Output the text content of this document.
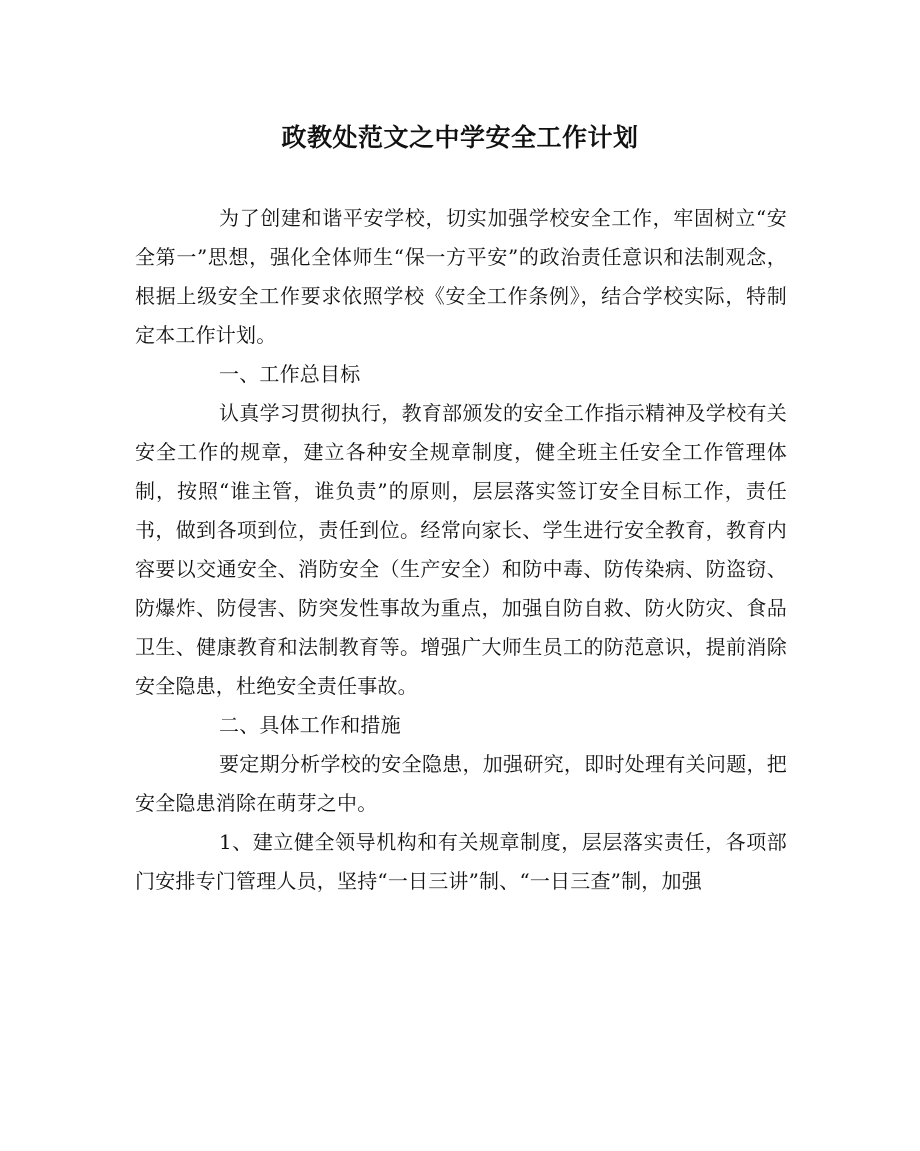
政教处范文之中学安全工作计划

为了创建和谐平安学校，切实加强学校安全工作，牢固树立“安全第一”思想，强化全体师生“保一方平安”的政治责任意识和法制观念，根据上级安全工作要求依照学校《安全工作条例》，结合学校实际，特制定本工作计划。

一、工作总目标

认真学习贯彻执行，教育部颁发的安全工作指示精神及学校有关安全工作的规章，建立各种安全规章制度，健全班主任安全工作管理体制，按照“谁主管，谁负责”的原则，层层落实签订安全目标工作，责任书，做到各项到位，责任到位。经常向家长、学生进行安全教育，教育内容要以交通安全、消防安全（生产安全）和防中毒、防传染病、防盗窃、防爆炸、防侵害、防突发性事故为重点，加强自防自救、防火防灾、食品卫生、健康教育和法制教育等。增强广大师生员工的防范意识，提前消除安全隐患，杜绝安全责任事故。

二、具体工作和措施

要定期分析学校的安全隐患，加强研究，即时处理有关问题，把安全隐患消除在萌芽之中。

1、建立健全领导机构和有关规章制度，层层落实责任，各项部门安排专门管理人员，坚持“一日三讲”制、“一日三查”制，加强
